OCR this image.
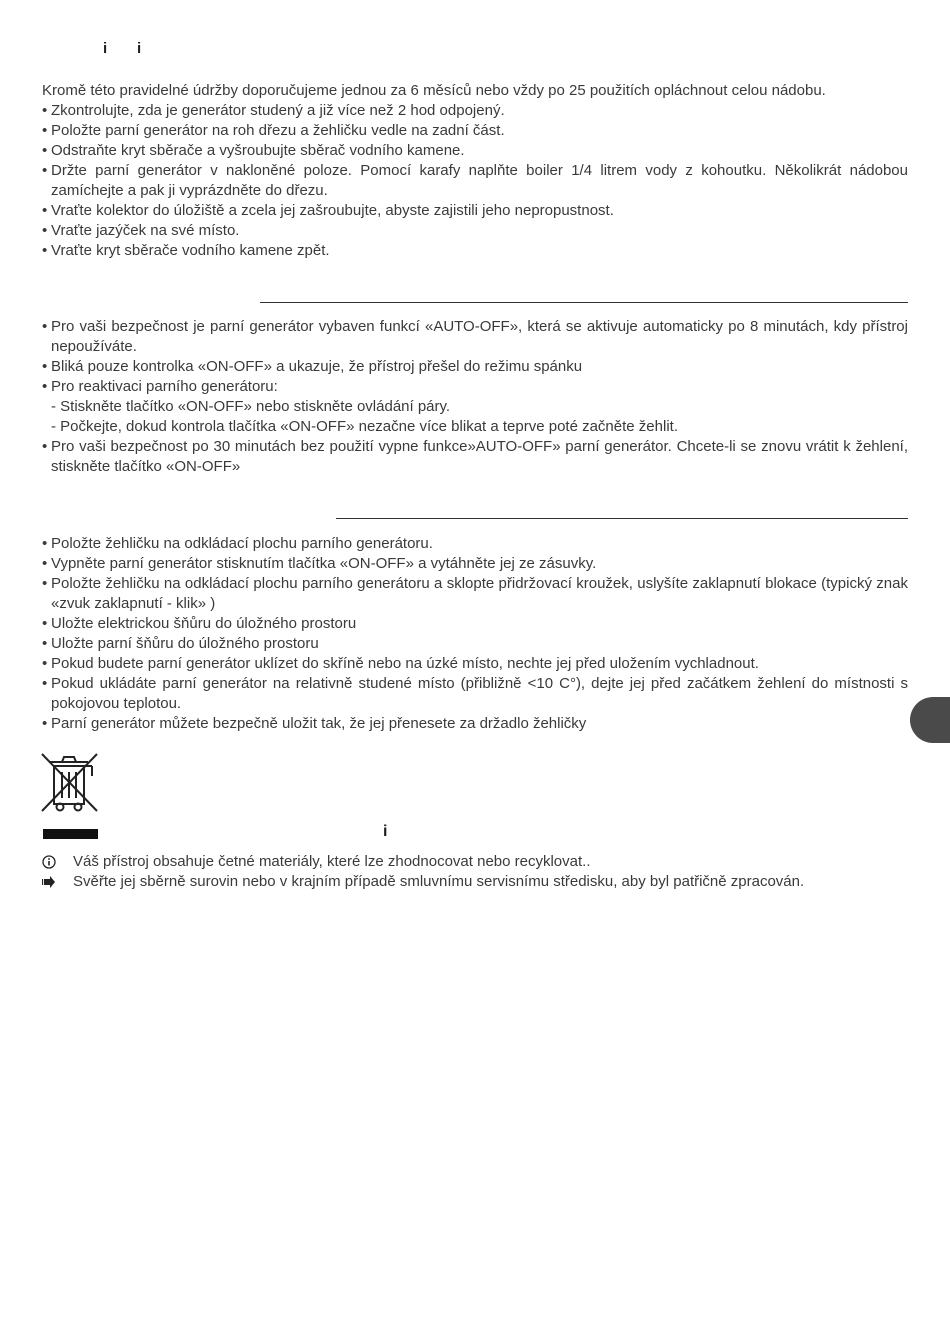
i i
Kromě této pravidelné údržby doporučujeme jednou za 6 měsíců nebo vždy po 25 použitích opláchnout celou nádobu.
• Zkontrolujte, zda je generátor studený a již více než 2 hod odpojený.
• Položte parní generátor na roh dřezu a žehličku vedle na zadní část.
• Odstraňte kryt sběrače a vyšroubujte sběrač vodního kamene.
• Držte parní generátor v nakloněné poloze. Pomocí karafy naplňte boiler 1/4 litrem vody z kohoutku. Několikrát nádobou zamíchejte a pak ji vyprázdněte do dřezu.
• Vraťte kolektor do úložiště a zcela jej zašroubujte, abyste zajistili jeho nepropustnost.
• Vraťte jazýček na své místo.
• Vraťte kryt sběrače vodního kamene zpět.
• Pro vaši bezpečnost je parní generátor vybaven funkcí «AUTO-OFF», která se aktivuje automaticky po 8 minutách, kdy přístroj nepoužíváte.
• Bliká pouze kontrolka «ON-OFF» a ukazuje, že přístroj přešel do režimu spánku
• Pro reaktivaci parního generátoru:
- Stiskněte tlačítko «ON-OFF» nebo stiskněte ovládání páry.
- Počkejte, dokud kontrola tlačítka «ON-OFF» nezačne více blikat a teprve poté začněte žehlit.
• Pro vaši bezpečnost po 30 minutách bez použití vypne funkce»AUTO-OFF» parní generátor. Chcete-li se znovu vrátit k žehlení, stiskněte tlačítko «ON-OFF»
• Položte žehličku na odkládací plochu parního generátoru.
• Vypněte parní generátor stisknutím tlačítka «ON-OFF» a vytáhněte jej ze zásuvky.
• Položte žehličku na odkládací plochu parního generátoru a sklopte přidržovací kroužek, uslyšíte zaklapnutí blokace (typický znak «zvuk zaklapnutí - klik» )
• Uložte elektrickou šňůru do úložného prostoru
• Uložte parní šňůru do úložného prostoru
• Pokud budete parní generátor uklízet do skříně nebo na úzké místo, nechte jej před uložením vychladnout.
• Pokud ukládáte parní generátor na relativně studené místo (přibližně <10 C°), dejte jej před začátkem žehlení do místnosti s pokojovou teplotou.
• Parní generátor můžete bezpečně uložit tak, že jej přenesete za držadlo žehličky
i
Váš přístroj obsahuje četné materiály, které lze zhodnocovat nebo recyklovat..
Svěřte jej sběrně surovin nebo v krajním případě smluvnímu servisnímu středisku, aby byl patřičně zpracován.
